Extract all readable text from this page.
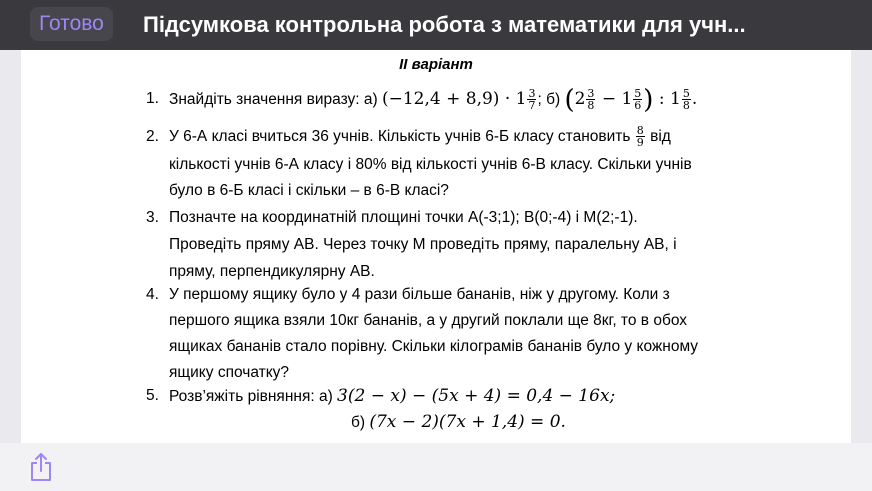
Готово	Підсумкова контрольна робота з математики для учн...
II варіант
1. Знайдіть значення виразу: а) $(-12,4 + 8,9) \cdot 1 \frac{3}{7}$ ; б) ($2 \frac{3}{8} - 1 \frac{5}{6}$ ) : $1 \frac{5}{8}$ .
2. У 6-А класі вчиться 36 учнів. Кількість учнів 6-Б класу становить $\frac{8}{9}$ від
кількості учнів 6-А класу і 80% від кількості учнів 6-В класу. Скільки учнів
було в 6-Б класі і скільки – в 6-В класі?
3. Позначте на координатній площині точки А(-3;1); В(0;-4) і М(2;-1).
Проведіть пряму АВ. Через точку М проведіть пряму, паралельну АВ, і
пряму, перпендикулярну АВ.
4. У першому ящику було у 4 рази більше бананів, ніж у другому. Коли з
першого ящика взяли 10кг бананів, а у другий поклали ще 8кг, то в обох
ящиках бананів стало порівну. Скільки кілограмів бананів було у кожному
ящику спочатку?
5. Розв’яжіть рівняння: а) 3(2 − x) − (5x + 4) = 0,4 − 16x;
б) (7x − 2)(7x + 1,4) = 0.
